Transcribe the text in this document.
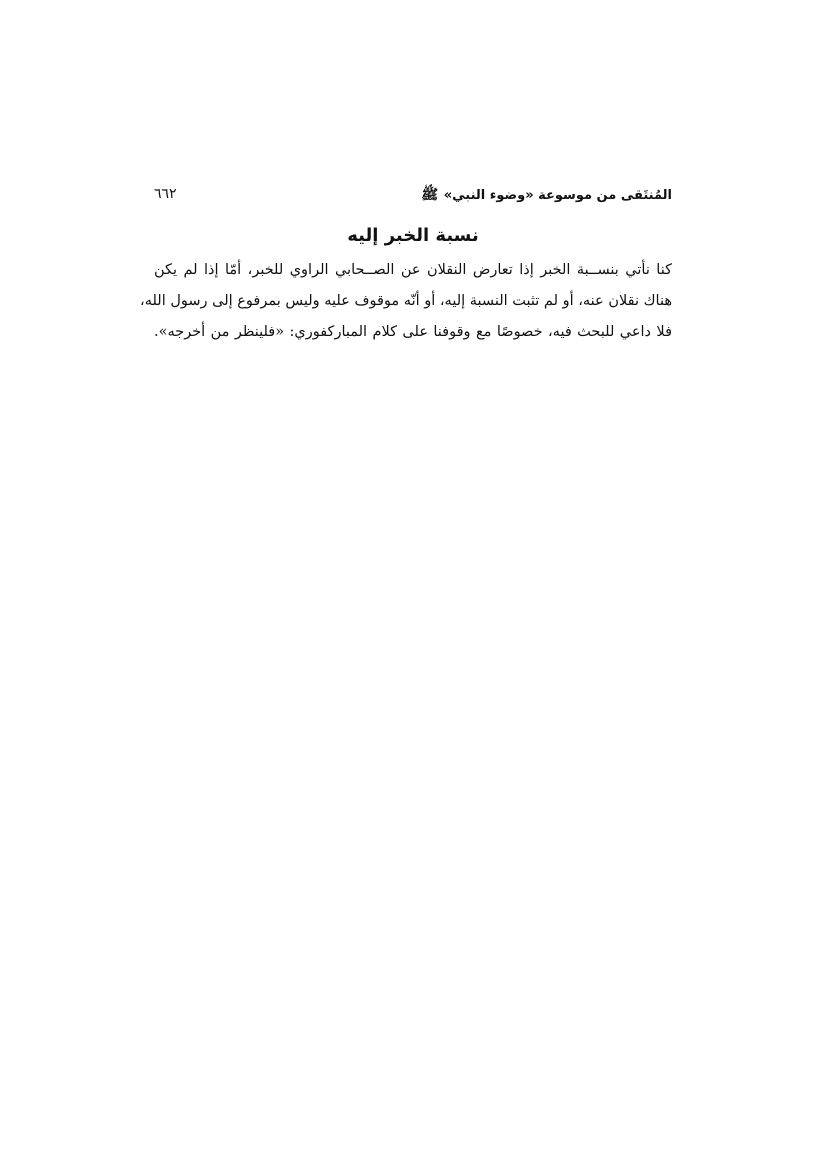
المُنتَقى من موسوعة «وضوء النبي»
ﷺ
٦٦٢
نسبة الخبر إليه
كنا نأتي بنســبة الخبر إذا تعارض النقلان عن الصــحابي الراوي للخبر، أمّا إذا لم يكن
هناك نقلان عنه، أو لم تثبت النسبة إليه، أو أنّه موقوف عليه وليس بمرفوع إلى رسول الله،
فلا داعي للبحث فيه، خصوصًا مع وقوفنا على كلام المباركفوري: «فلينظر من أخرجه».
